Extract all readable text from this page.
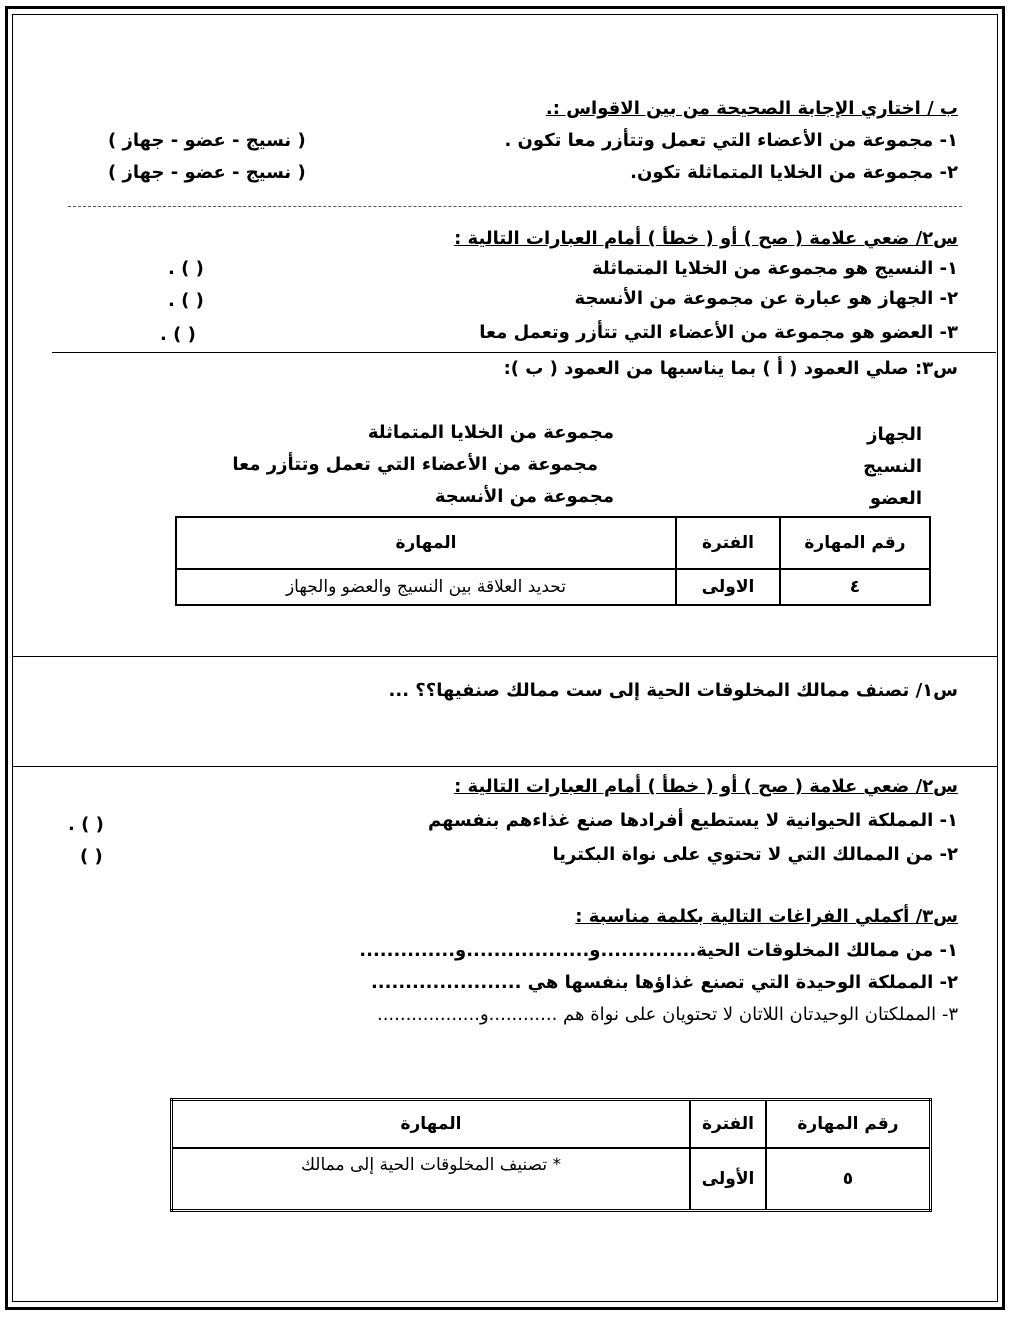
ب / اختاري الإجابة الصحيحة من بين الاقواس :.
١- مجموعة من الأعضاء التي تعمل وتتأزر معا تكون .
( نسيج - عضو - جهاز )
٢- مجموعة من الخلايا المتماثلة تكون.
( نسيج - عضو - جهاز )
س٢/ ضعي علامة ( صح ) أو ( خطأ ) أمام العبارات التالية :
١- النسيج هو مجموعة من الخلايا المتماثلة
( ) .
٢- الجهاز هو عبارة عن مجموعة من الأنسجة
( ) .
٣- العضو هو مجموعة من الأعضاء التي تتأزر وتعمل معا
( ) .
س٣: صلي العمود ( أ ) بما يناسبها من العمود ( ب ):
الجهاز
النسيج
العضو
مجموعة من الخلايا المتماثلة
مجموعة من الأعضاء التي تعمل وتتأزر معا
مجموعة من الأنسجة
رقم المهارة	الفترة	المهارة
٤	الاولى	تحديد العلاقة بين النسيج والعضو والجهاز
س١/ تصنف ممالك المخلوقات الحية إلى ست ممالك صنفيها؟؟ ...
س٢/ ضعي علامة ( صح ) أو ( خطأ ) أمام العبارات التالية :
١- المملكة الحيوانية لا يستطيع أفرادها صنع غذاءهم بنفسهم
( ) .
٢- من الممالك التي لا تحتوي على نواة البكتريا
( )
س٣/ أكملي الفراغات التالية بكلمة مناسبة :
١- من ممالك المخلوقات الحية..............و..................و..............
٢- المملكة الوحيدة التي تصنع غذاؤها بنفسها هي ......................
٣- المملكتان الوحيدتان اللاتان لا تحتويان على نواة هم ............و..................
رقم المهارة	الفترة	المهارة
٥	الأولى	* تصنيف المخلوقات الحية إلى ممالك
